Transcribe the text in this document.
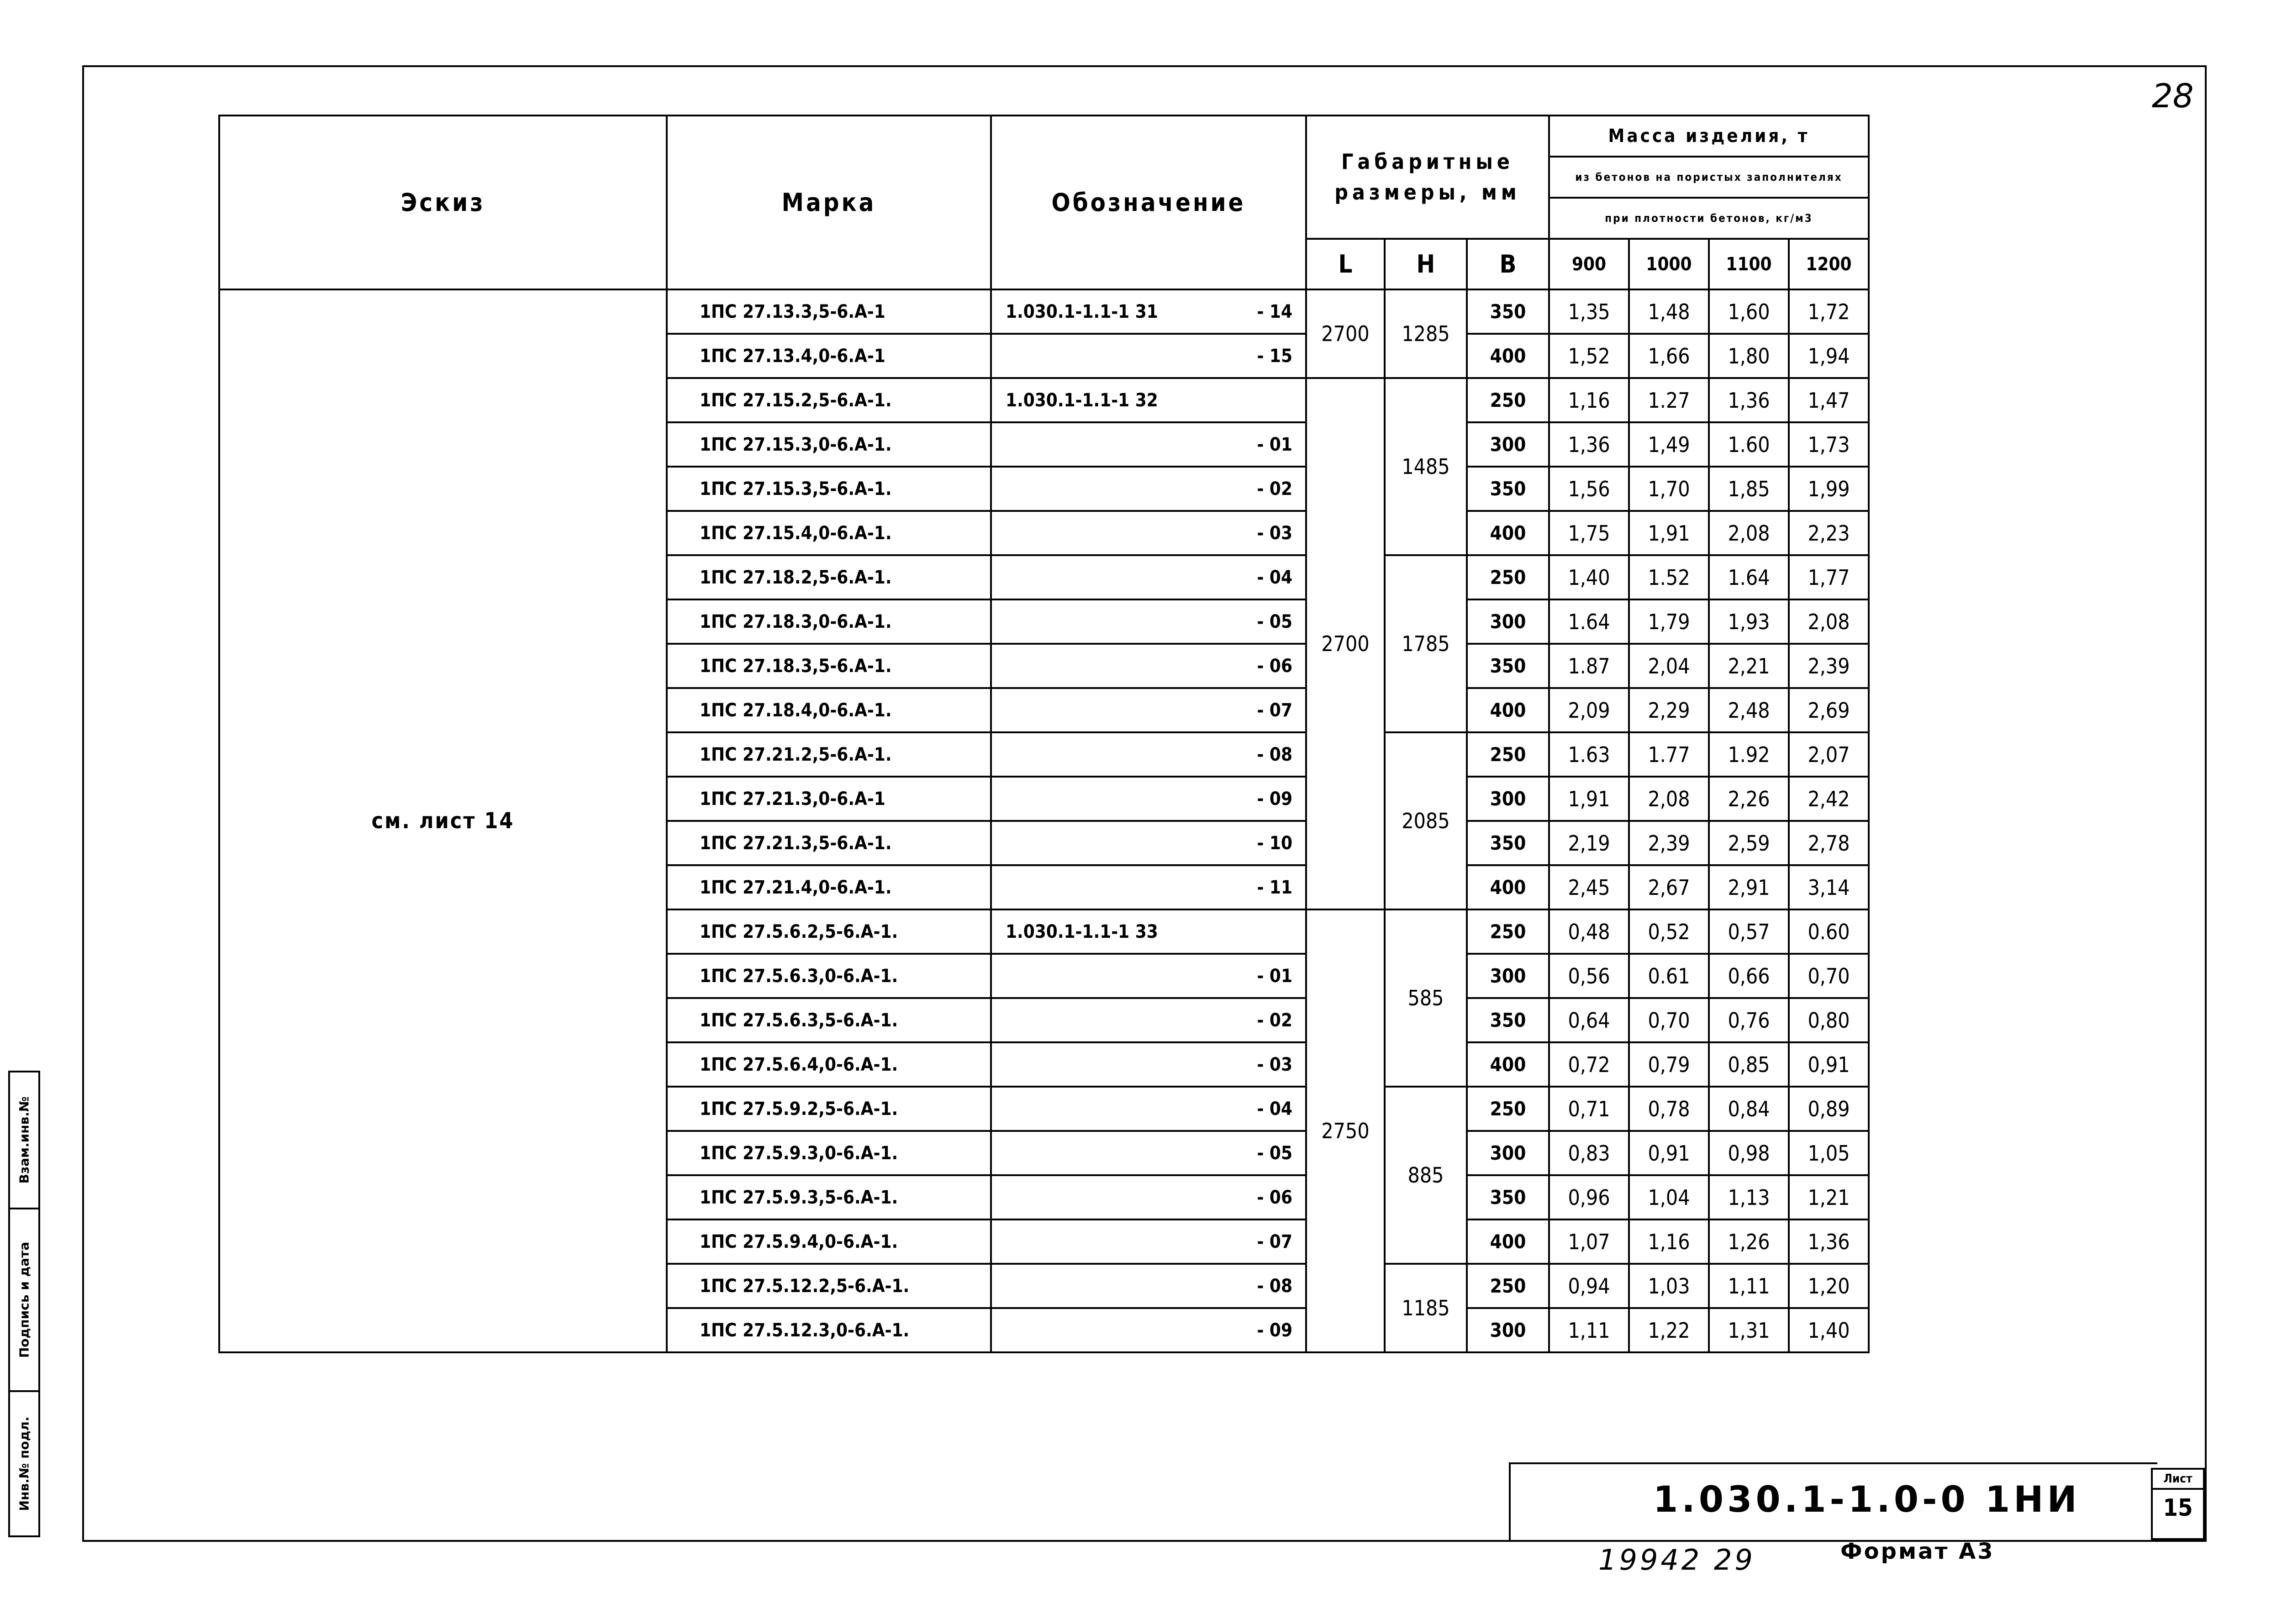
28
Взам.инв.№
Подпись и дата
Инв.№ подл.
Эскиз	Марка	Обозначение	Габаритные
размеры, мм			Масса изделия, т			
						из бетонов на пористых заполнителях			
						при плотности бетонов, кг/м3			
			L	H	B	900	1000	1100	1200
см. лист 14	1ПС 27.13.3,5-6.А-1	1.030.1-1.1-1 31 - 14	2700	1285	350	1,35	1,48	1,60	1,72
	1ПС 27.13.4,0-6.А-1	- 15			400	1,52	1,66	1,80	1,94
	1ПС 27.15.2,5-6.А-1.	1.030.1-1.1-1 32	2700	1485	250	1,16	1.27	1,36	1,47
	1ПС 27.15.3,0-6.А-1.	- 01			300	1,36	1,49	1.60	1,73
	1ПС 27.15.3,5-6.А-1.	- 02			350	1,56	1,70	1,85	1,99
	1ПС 27.15.4,0-6.А-1.	- 03			400	1,75	1,91	2,08	2,23
	1ПС 27.18.2,5-6.А-1.	- 04		1785	250	1,40	1.52	1.64	1,77
	1ПС 27.18.3,0-6.А-1.	- 05			300	1.64	1,79	1,93	2,08
	1ПС 27.18.3,5-6.А-1.	- 06			350	1.87	2,04	2,21	2,39
	1ПС 27.18.4,0-6.А-1.	- 07			400	2,09	2,29	2,48	2,69
	1ПС 27.21.2,5-6.А-1.	- 08		2085	250	1.63	1.77	1.92	2,07
	1ПС 27.21.3,0-6.А-1	- 09			300	1,91	2,08	2,26	2,42
	1ПС 27.21.3,5-6.А-1.	- 10			350	2,19	2,39	2,59	2,78
	1ПС 27.21.4,0-6.А-1.	- 11			400	2,45	2,67	2,91	3,14
	1ПС 27.5.6.2,5-6.А-1.	1.030.1-1.1-1 33	2750	585	250	0,48	0,52	0,57	0.60
	1ПС 27.5.6.3,0-6.А-1.	- 01			300	0,56	0.61	0,66	0,70
	1ПС 27.5.6.3,5-6.А-1.	- 02			350	0,64	0,70	0,76	0,80
	1ПС 27.5.6.4,0-6.А-1.	- 03			400	0,72	0,79	0,85	0,91
	1ПС 27.5.9.2,5-6.А-1.	- 04		885	250	0,71	0,78	0,84	0,89
	1ПС 27.5.9.3,0-6.А-1.	- 05			300	0,83	0,91	0,98	1,05
	1ПС 27.5.9.3,5-6.А-1.	- 06			350	0,96	1,04	1,13	1,21
	1ПС 27.5.9.4,0-6.А-1.	- 07			400	1,07	1,16	1,26	1,36
	1ПС 27.5.12.2,5-6.А-1.	- 08		1185	250	0,94	1,03	1,11	1,20
	1ПС 27.5.12.3,0-6.А-1.	- 09			300	1,11	1,22	1,31	1,40
1.030.1-1.0-0 1НИ
Лист
15
19942 29	Формат А3
